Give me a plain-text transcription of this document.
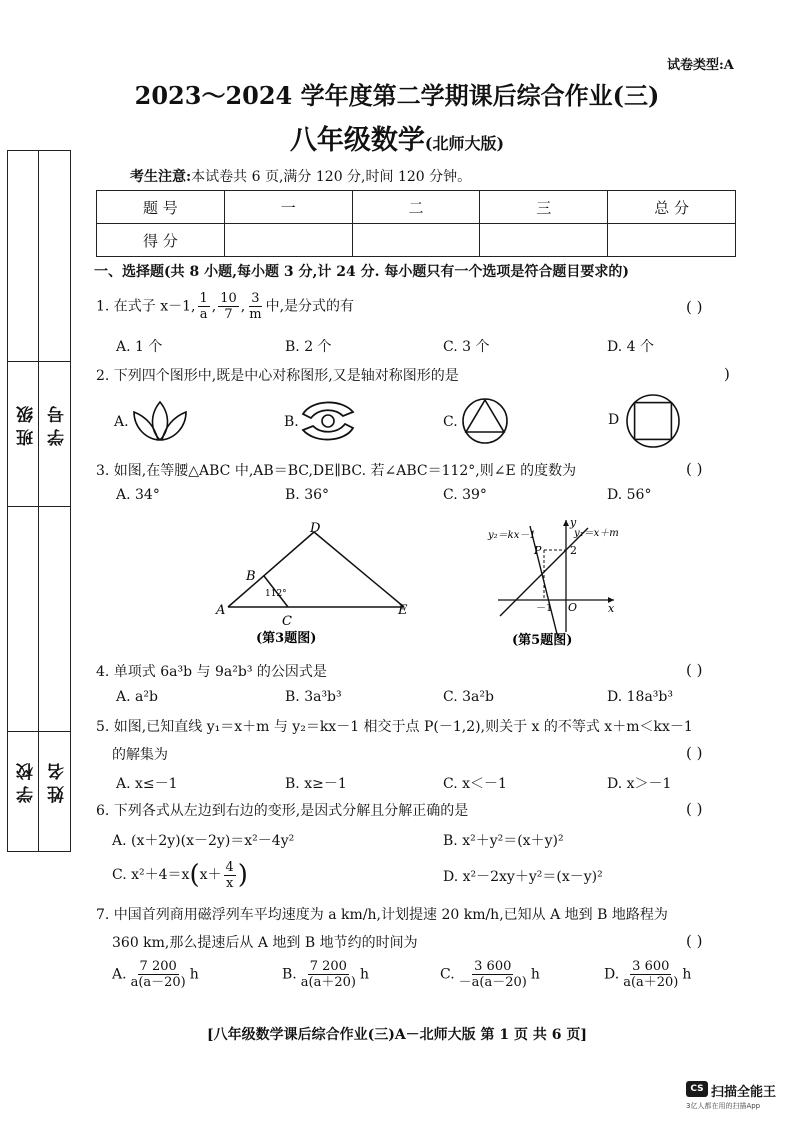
试卷类型:A
2023～2024 学年度第二学期课后综合作业(三)
八年级数学(北师大版)
考生注意:本试卷共 6 页,满分 120 分,时间 120 分钟。
题 号	一	二	三	总 分
得 分				
班 级 学 号
学 校 姓 名
一、选择题(共 8 小题,每小题 3 分,计 24 分. 每小题只有一个选项是符合题目要求的)
1. 在式子 x－1, $\frac{1}{a}$ , $\frac{10}{7}$ , $\frac{3}{m}$ 中,是分式的有	( )
A. 1 个	B. 2 个	C. 3 个	D. 4 个
2. 下列四个图形中,既是中心对称图形,又是轴对称图形的是	)
A.	B.	C.	D
3. 如图,在等腰△ABC 中,AB＝BC,DE∥BC. 若∠ABC＝112°,则∠E 的度数为	( )
A. 34°	B. 36°	C. 39°	D. 56°
D
B
A
C
E
112°
(第3题图)
y₂＝kx－1
y
y₁＝x＋m
P	2
－1 O	x
(第5题图)
4. 单项式 6a³b 与 9a²b³ 的公因式是	( )
A. a²b	B. 3a³b³	C. 3a²b	D. 18a³b³
5. 如图,已知直线 y₁＝x＋m 与 y₂＝kx－1 相交于点 P(－1,2),则关于 x 的不等式 x＋m＜kx－1
的解集为	( )
A. x≤－1	B. x≥－1	C. x＜－1	D. x＞－1
6. 下列各式从左边到右边的变形,是因式分解且分解正确的是	( )
A. (x＋2y)(x－2y)＝x²－4y²	B. x²＋y²＝(x＋y)²
C. $x^2+4=x(x+ \frac{4}{x}$ )	D. x²－2xy＋y²＝(x－y)²
7. 中国首列商用磁浮列车平均速度为 a km/h,计划提速 20 km/h,已知从 A 地到 B 地路程为
360 km,那么提速后从 A 地到 B 地节约的时间为	( )
A. $\frac{7 200}{a(a-20)}$ h	B. $\frac{7 200}{a(a+20)}$ h	C. $\frac{3 600}{-a(a-20)}$ h	D. $\frac{3 600}{a(a+20)}$ h
[八年级数学课后综合作业(三)A－北师大版 第 1 页 共 6 页]
CS 扫描全能王
3亿人都在用的扫描App
